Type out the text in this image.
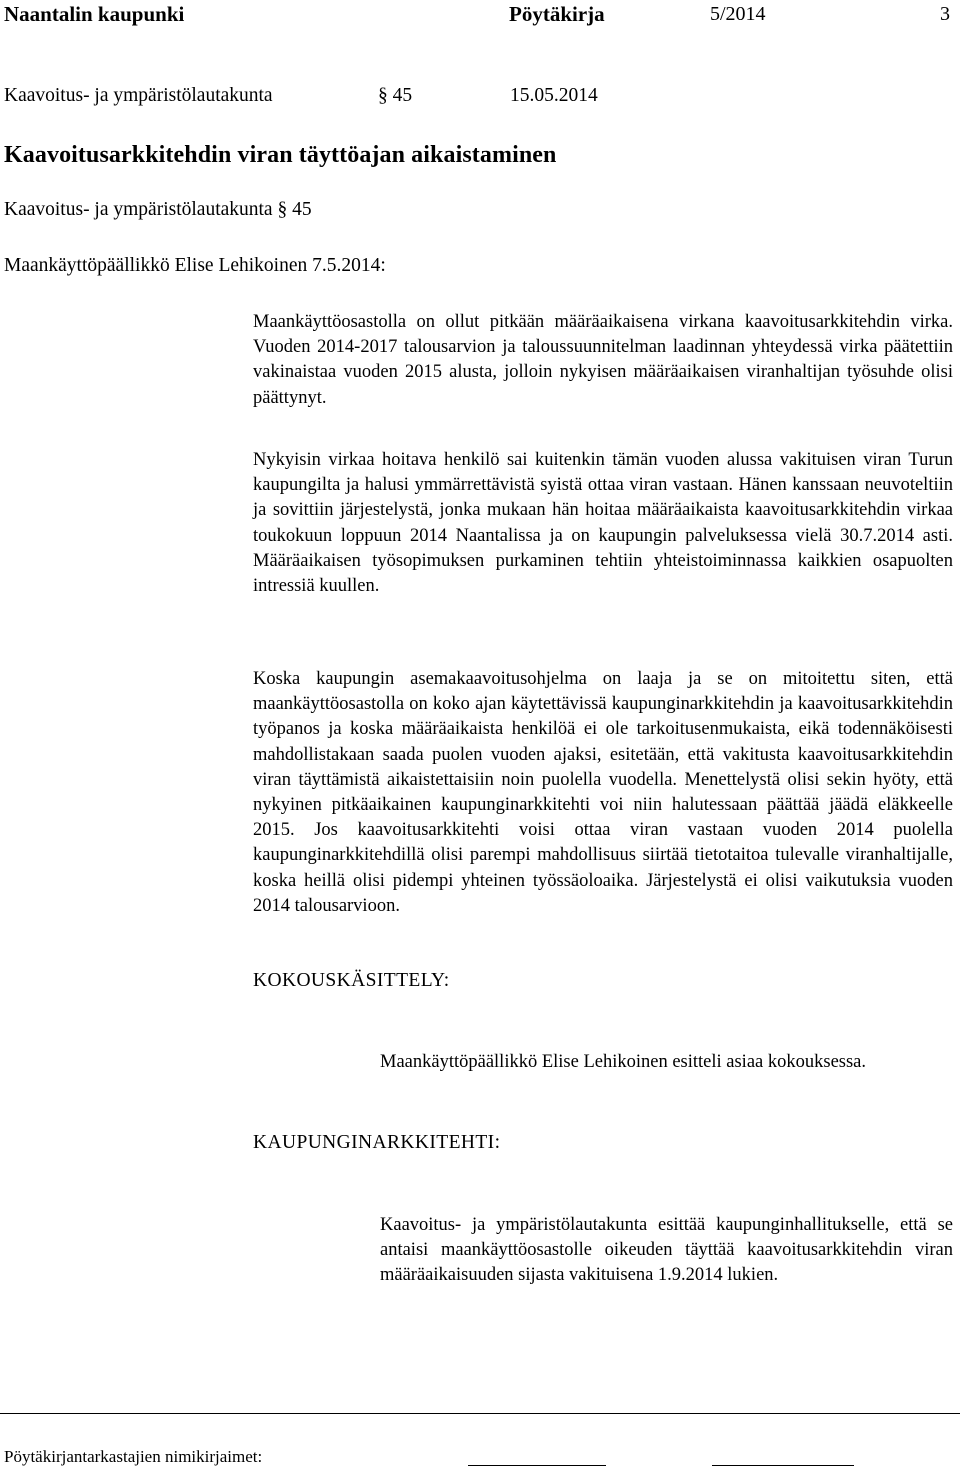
Naantalin kaupunki	Pöytäkirja	5/2014	3
Kaavoitus- ja ympäristölautakunta	§ 45	15.05.2014
Kaavoitusarkkitehdin viran täyttöajan aikaistaminen
Kaavoitus- ja ympäristölautakunta § 45
Maankäyttöpäällikkö Elise Lehikoinen 7.5.2014:

Maankäyttöosastolla on ollut pitkään määräaikaisena virkana kaavoitusarkkitehdin virka. Vuoden 2014-2017 talousarvion ja taloussuunnitelman laadinnan yhteydessä virka päätettiin vakinaistaa vuoden 2015 alusta, jolloin nykyisen määräaikaisen viranhaltijan työsuhde olisi päättynyt.

Nykyisin virkaa hoitava henkilö sai kuitenkin tämän vuoden alussa vakituisen viran Turun kaupungilta ja halusi ymmärrettävistä syistä ottaa viran vastaan. Hänen kanssaan neuvoteltiin ja sovittiin järjestelystä, jonka mukaan hän hoitaa määräaikaista kaavoitusarkkitehdin virkaa toukokuun loppuun 2014 Naantalissa ja on kaupungin palveluksessa vielä 30.7.2014 asti. Määräaikaisen työsopimuksen purkaminen tehtiin yhteistoiminnassa kaikkien osapuolten intressiä kuullen.

Koska kaupungin asemakaavoitusohjelma on laaja ja se on mitoitettu siten, että maankäyttöosastolla on koko ajan käytettävissä kaupunginarkkitehdin ja kaavoitusarkkitehdin työpanos ja koska määräaikaista henkilöä ei ole tarkoitusenmukaista, eikä todennäköisesti mahdollistakaan saada puolen vuoden ajaksi, esitetään, että vakitusta kaavoitusarkkitehdin viran täyttämistä aikaistettaisiin noin puolella vuodella. Menettelystä olisi sekin hyöty, että nykyinen pitkäaikainen kaupunginarkkitehti voi niin halutessaan päättää jäädä eläkkeelle 2015. Jos kaavoitusarkkitehti voisi ottaa viran vastaan vuoden 2014 puolella kaupunginarkkitehdillä olisi parempi mahdollisuus siirtää tietotaitoa tulevalle viranhaltijalle, koska heillä olisi pidempi yhteinen työssäoloaika. Järjestelystä ei olisi vaikutuksia vuoden 2014 talousarvioon.

KOKOUSKÄSITTELY:

Maankäyttöpäällikkö Elise Lehikoinen esitteli asiaa kokouksessa.

KAUPUNGINARKKITEHTI:

Kaavoitus- ja ympäristölautakunta esittää kaupunginhallitukselle, että se antaisi maankäyttöosastolle oikeuden täyttää kaavoitusarkkitehdin viran määräaikaisuuden sijasta vakituisena 1.9.2014 lukien.

Pöytäkirjantarkastajien nimikirjaimet:
